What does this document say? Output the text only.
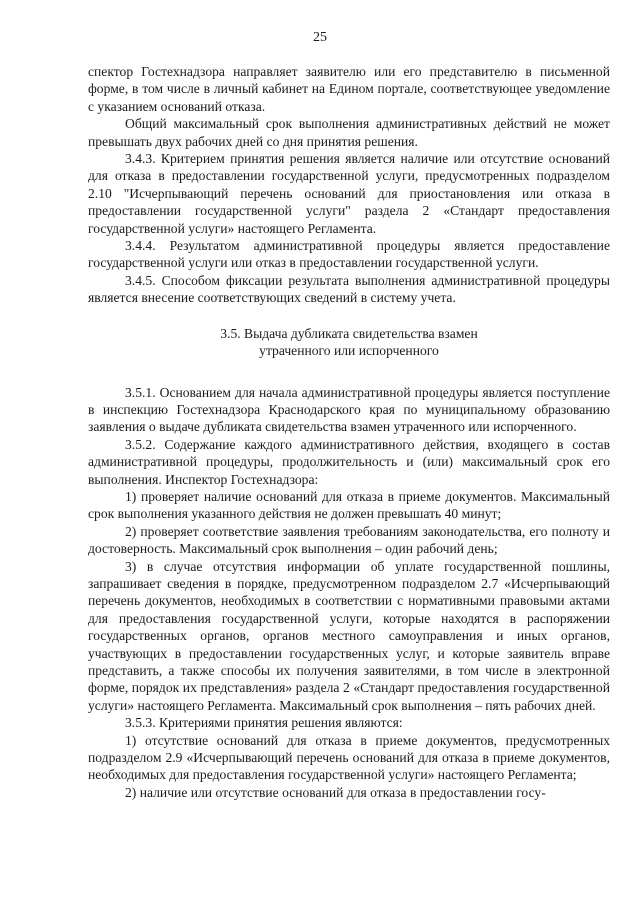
25

спектор Гостехнадзора направляет заявителю или его представителю в письменной форме, в том числе в личный кабинет на Едином портале, соответствующее уведомление с указанием оснований отказа.

Общий максимальный срок выполнения административных действий не может превышать двух рабочих дней со дня принятия решения.

3.4.3. Критерием принятия решения является наличие или отсутствие оснований для отказа в предоставлении государственной услуги, предусмотренных подразделом 2.10 "Исчерпывающий перечень оснований для приостановления или отказа в предоставлении государственной услуги" раздела 2 «Стандарт предоставления государственной услуги» настоящего Регламента.

3.4.4. Результатом административной процедуры является предоставление государственной услуги или отказ в предоставлении государственной услуги.

3.4.5. Способом фиксации результата выполнения административной процедуры является внесение соответствующих сведений в систему учета.

3.5. Выдача дубликата свидетельства взамен
утраченного или испорченного

3.5.1. Основанием для начала административной процедуры является поступление в инспекцию Гостехнадзора Краснодарского края по муниципальному образованию заявления о выдаче дубликата свидетельства взамен утраченного или испорченного.

3.5.2. Содержание каждого административного действия, входящего в состав административной процедуры, продолжительность и (или) максимальный срок его выполнения. Инспектор Гостехнадзора:

1) проверяет наличие оснований для отказа в приеме документов. Максимальный срок выполнения указанного действия не должен превышать 40 минут;

2) проверяет соответствие заявления требованиям законодательства, его полноту и достоверность. Максимальный срок выполнения – один рабочий день;

3) в случае отсутствия информации об уплате государственной пошлины, запрашивает сведения в порядке, предусмотренном подразделом 2.7 «Исчерпывающий перечень документов, необходимых в соответствии с нормативными правовыми актами для предоставления государственной услуги, которые находятся в распоряжении государственных органов, органов местного самоуправления и иных органов, участвующих в предоставлении государственных услуг, и которые заявитель вправе представить, а также способы их получения заявителями, в том числе в электронной форме, порядок их представления» раздела 2 «Стандарт предоставления государственной услуги» настоящего Регламента. Максимальный срок выполнения – пять рабочих дней.

3.5.3. Критериями принятия решения являются:

1) отсутствие оснований для отказа в приеме документов, предусмотренных подразделом 2.9 «Исчерпывающий перечень оснований для отказа в приеме документов, необходимых для предоставления государственной услуги» настоящего Регламента;

2) наличие или отсутствие оснований для отказа в предоставлении госу-
